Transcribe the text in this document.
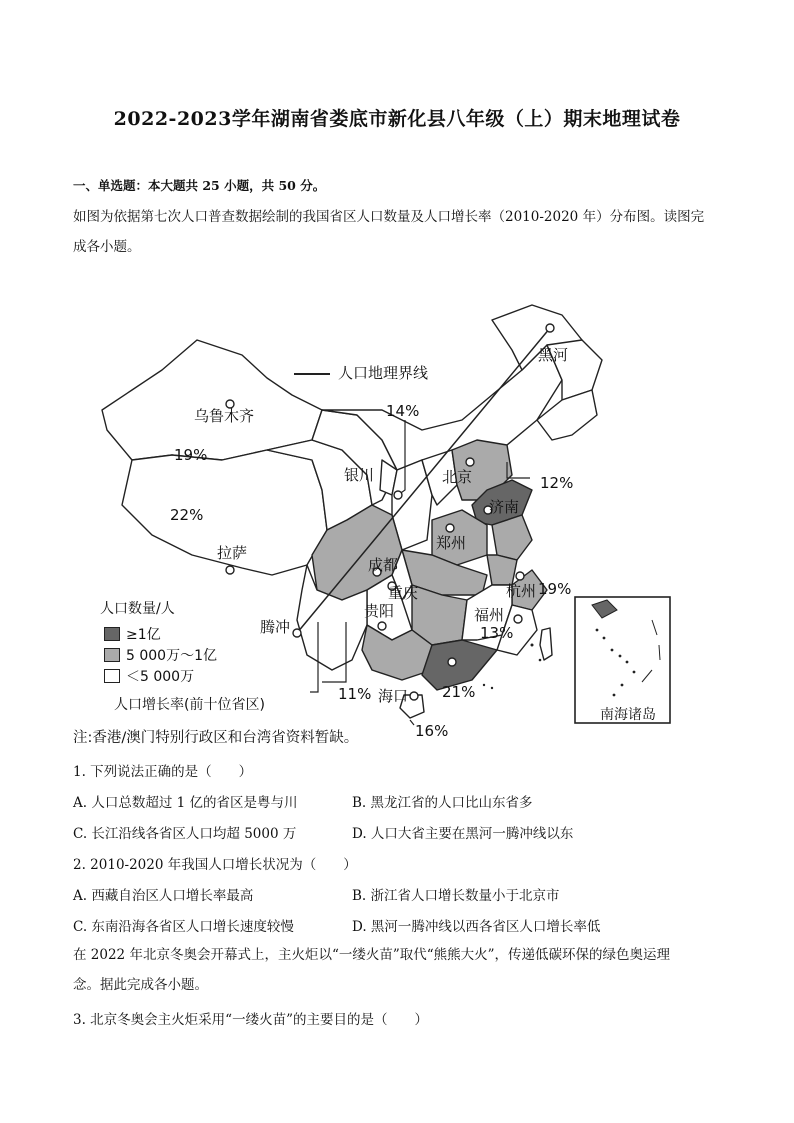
2022-2023学年湖南省娄底市新化县八年级（上）期末地理试卷
一、单选题：本大题共 25 小题，共 50 分。
如图为依据第七次人口普查数据绘制的我国省区人口数量及人口增长率（2010-2020 年）分布图。读图完
成各小题。
人口地理界线
黑河
乌鲁木齐	14%
19%
银川	北京	12%
济南
22%
郑州
拉萨
成都
重庆	杭州 19%
贵阳	福州
13%
腾冲
11% 海口 21%
16%
南海诸岛
人口数量/人
≥1亿
5 000万～1亿
＜5 000万
人口增长率(前十位省区)
注:香港/澳门特别行政区和台湾省资料暂缺。
1. 下列说法正确的是（　　）
A. 人口总数超过 1 亿的省区是粤与川	B. 黑龙江省的人口比山东省多
C. 长江沿线各省区人口均超 5000 万	D. 人口大省主要在黑河一腾冲线以东
2. 2010-2020 年我国人口增长状况为（　　）
A. 西藏自治区人口增长率最高	B. 浙江省人口增长数量小于北京市
C. 东南沿海各省区人口增长速度较慢	D. 黑河一腾冲线以西各省区人口增长率低
在 2022 年北京冬奥会开幕式上，主火炬以“一缕火苗”取代“熊熊大火”，传递低碳环保的绿色奥运理
念。据此完成各小题。
3. 北京冬奥会主火炬采用“一缕火苗”的主要目的是（　　）
